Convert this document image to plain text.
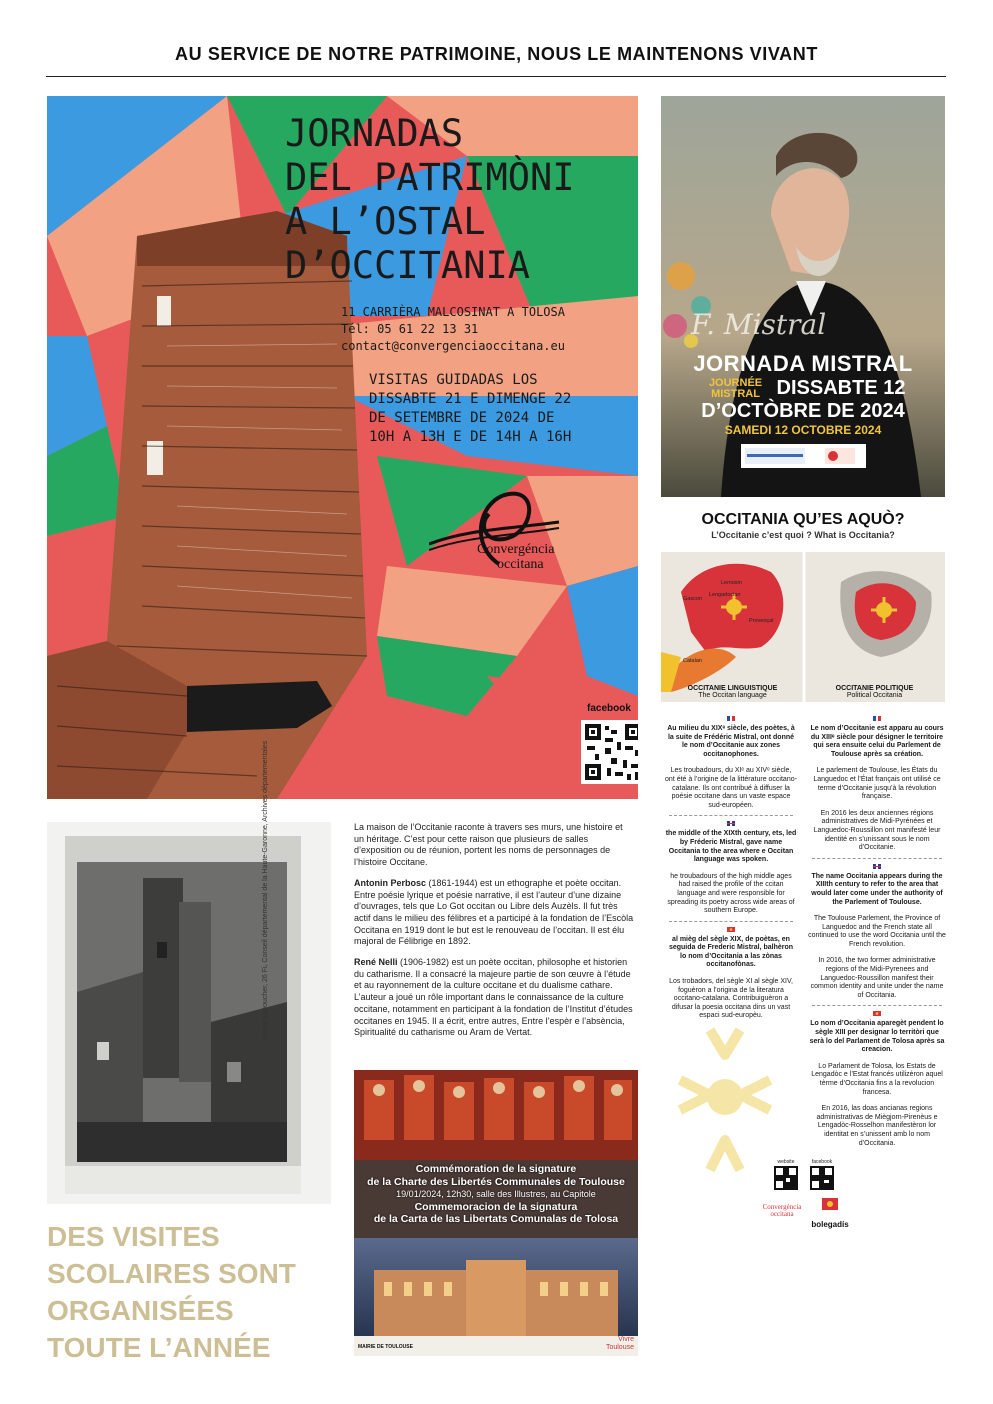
AU SERVICE DE NOTRE PATRIMOINE, NOUS LE MAINTENONS VIVANT
JORNADAS
DEL PATRIMÒNI
A L’OSTAL
D’OCCITANIA
11 CARRIÈRA MALCOSINAT A TOLOSA
Tél: 05 61 22 13 31
contact@convergenciaoccitana.eu
VISITAS GUIDADAS LOS
DISSABTE 21 E DIMENGE 22
DE SETEMBRE DE 2024 DE
10H A 13H E DE 14H A 16H
Convergéncia
occitana
facebook
F. Mistral
JORNADA MISTRAL
JOURNÉE MISTRAL DISSABTE 12
D’OCTÒBRE DE 2024
SAMEDI 12 OCTOBRE 2024
OCCITANIA QU’ES AQUÒ?
L’Occitanie c’est quoi ? What is Occitania?
Lemosin
Gascon
Lengadocian
Provençal
Catalan
OCCITANIE LINGUISTIQUE
The Occitan language
OCCITANIE POLITIQUE
Political Occitania
Au milieu du XIXᵉ siècle, des poètes, à la suite de Frédéric Mistral, ont donné le nom d’Occitanie aux zones occitanophones.
Les troubadours, du XIᵉ au XIVᵉ siècle, ont été à l’origine de la littérature occitano-catalane. Ils ont contribué à diffuser la poésie occitane dans un vaste espace sud-européen.
the middle of the XIXth century, ets, led by Fréderic Mistral, gave name Occitania to the area where e Occitan language was spoken.
he troubadours of the high middle ages had raised the profile of the ccitan language and were responsible for spreading its poetry across wide areas of southern Europe.
al mièg del sègle XIX, de poètas, en seguida de Frederic Mistral, balhèron lo nom d’Occitania a las zònas occitanofònas.
Los trobadors, del sègle XI al sègle XIV, foguèron a l’origina de la literatura occitano-catalana. Contribuiguèron a difusar la poesia occitana dins un vast espaci sud-europèu.
Le nom d’Occitanie est apparu au cours du XIIIᵉ siècle pour désigner le territoire qui sera ensuite celui du Parlement de Toulouse après sa création.
Le parlement de Toulouse, les États du Languedoc et l’État français ont utilisé ce terme d’Occitanie jusqu’à la révolution française.
En 2016 les deux anciennes régions administratives de Midi-Pyrénées et Languedoc-Roussillon ont manifesté leur identité en s’unissant sous le nom d’Occitanie.
The name Occitania appears during the XIIIth century to refer to the area that would later come under the authority of the Parlement of Toulouse.
The Toulouse Parlement, the Province of Languedoc and the French state all continued to use the word Occitania until the French revolution.
In 2016, the two former administrative regions of the Midi-Pyrenees and Languedoc-Roussillon manifest their common identity and unite under the name of Occitania.
Lo nom d’Occitania aparegèt pendent lo sègle XIII per designar lo territòri que serà lo del Parlament de Tolosa après sa creacion.
Lo Parlament de Tolosa, los Estats de Lengadòc e l’Estat francés utilizèron aquel tèrme d’Occitania fins a la revolucion francesa.
En 2016, las doas ancianas regions administrativas de Miègjorn-Pirenèus e Lengadòc-Rosselhon manifestèron lor identitat en s’unissent amb lo nom d’Occitania.
website	facebook
Convergéncia
occitana
bolegadís
Fonds Laboucher, 26 Fi, Conseil départemental de la Haute-Garonne, Archives départementales	La maison de l’Occitanie raconte à travers ses murs, une histoire et un héritage. C’est pour cette raison que plusieurs de salles d’exposition ou de réunion, portent les noms de personnages de l’histoire Occitane.

Antonin Perbosc (1861-1944) est un ethographe et poète occitan. Entre poésie lyrique et poésie narrative, il est l’auteur d’une dizaine d’ouvrages, tels que Lo Got occitan ou Libre dels Auzèls. Il fut très actif dans le milieu des félibres et a participé à la fondation de l’Escòla Occitana en 1919 dont le but est le renouveau de l’occitan. Il est élu majoral de Félibrige en 1892.

René Nelli (1906-1982) est un poète occitan, philosophe et historien du catharisme. Il a consacré la majeure partie de son œuvre à l’étude et au rayonnement de la culture occitane et du dualisme cathare. L’auteur a joué un rôle important dans le connaissance de la culture occitane, notamment en participant à la fondation de l’Institut d’études occitanes en 1945. Il a écrit, entre autres, Entre l’espèr e l’absència, Spiritualité du catharisme ou Aram de Vertat.

Commémoration de la signature
de la Charte des Libertés Communales de Toulouse
19/01/2024, 12h30, salle des Illustres, au Capitole
Commemoracion de la signatura
de la Carta de las Libertats Comunalas de Tolosa
MAIRIE DE TOULOUSE
Vivre
Toulouse
DES VISITES
SCOLAIRES SONT
ORGANISÉES
TOUTE L’ANNÉE
